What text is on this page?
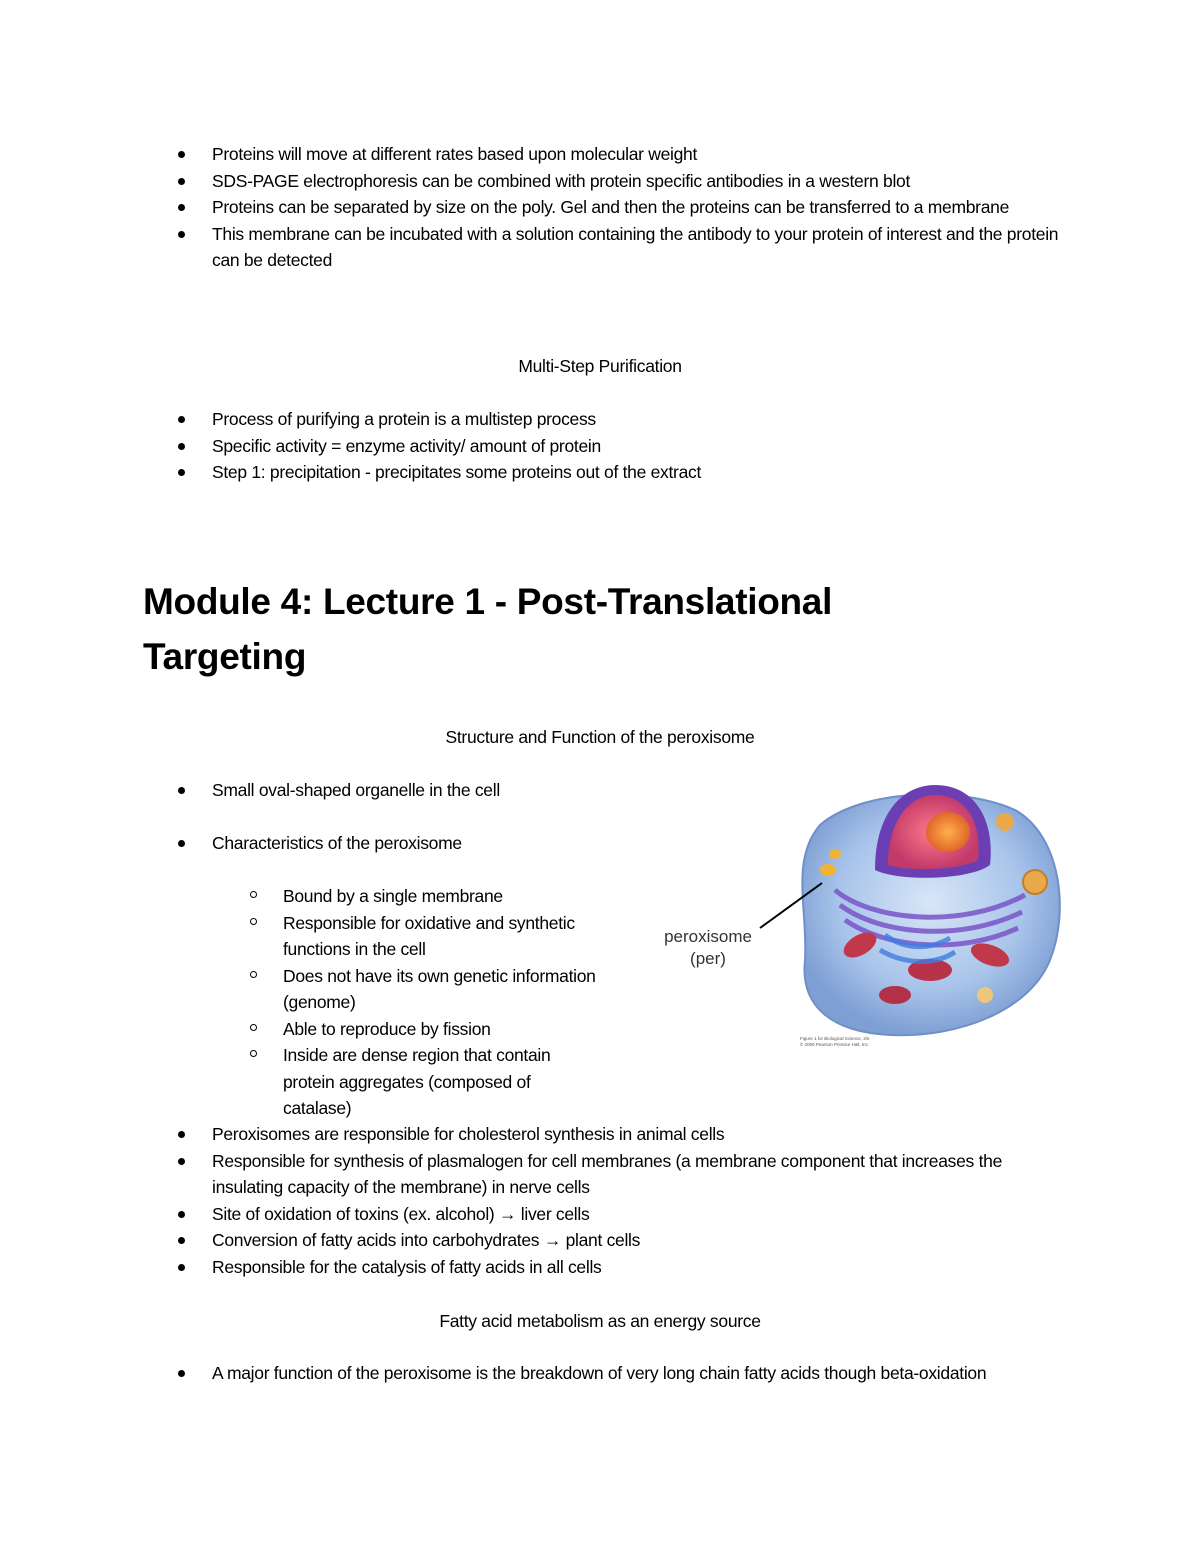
Proteins will move at different rates based upon molecular weight
SDS-PAGE electrophoresis can be combined with protein specific antibodies in a western blot
Proteins can be separated by size on the poly. Gel and then the proteins can be transferred to a membrane
This membrane can be incubated with a solution containing the antibody to your protein of interest and the protein can be detected
Multi-Step Purification
Process of purifying a protein is a multistep process
Specific activity = enzyme activity/ amount of protein
Step 1: precipitation - precipitates some proteins out of the extract
Module 4: Lecture 1 - Post-Translational
Targeting
Structure and Function of the peroxisome
Small oval-shaped organelle in the cell
Characteristics of the peroxisome
Bound by a single membrane
Responsible for oxidative and synthetic functions in the cell
Does not have its own genetic information (genome)
Able to reproduce by fission
Inside are dense region that contain protein aggregates (composed of catalase)
Peroxisomes are responsible for cholesterol synthesis in animal cells
Responsible for synthesis of plasmalogen for cell membranes (a membrane component that increases the insulating capacity of the membrane) in nerve cells
Site of oxidation of toxins (ex. alcohol) → liver cells
Conversion of fatty acids into carbohydrates → plant cells
Responsible for the catalysis of fatty acids in all cells
peroxisome
(per)
Figure 1 for Biological Science, 2/e
© 2005 Pearson Prentice Hall, Inc.
Fatty acid metabolism as an energy source
A major function of the peroxisome is the breakdown of very long chain fatty acids though beta-oxidation
